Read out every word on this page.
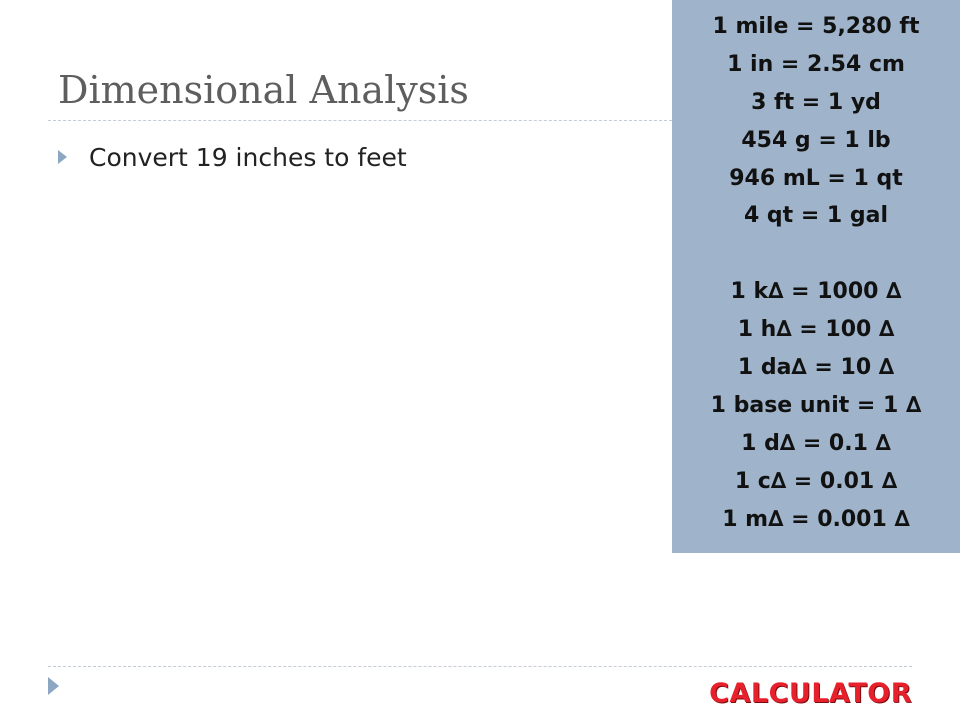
Dimensional Analysis
Convert 19 inches to feet
1 mile = 5,280 ft
1 in = 2.54 cm
3 ft = 1 yd
454 g = 1 lb
946 mL = 1 qt
4 qt = 1 gal
1 k∆ = 1000 ∆
1 h∆ = 100 ∆
1 da∆ = 10 ∆
1 base unit = 1 ∆
1 d∆ = 0.1 ∆
1 c∆ = 0.01 ∆
1 m∆ = 0.001 ∆
CALCULATOR
